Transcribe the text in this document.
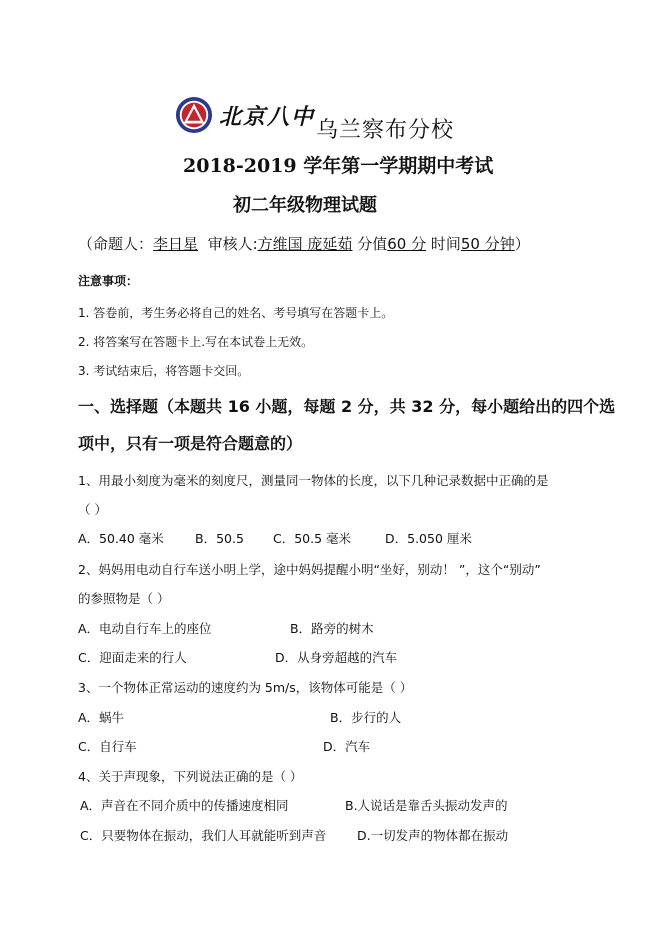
北京八中
乌兰察布分校
2018-2019 学年第一学期期中考试
初二年级物理试题
（命题人：李日星 审核人:方维国 庞延茹 分值60 分 时间50 分钟）
注意事项：
1. 答卷前，考生务必将自己的姓名、考号填写在答题卡上。
2. 将答案写在答题卡上.写在本试卷上无效。
3. 考试结束后，将答题卡交回。
一、选择题（本题共 16 小题，每题 2 分，共 32 分，每小题给出的四个选
项中，只有一项是符合题意的）
1、用最小刻度为毫米的刻度尺，测量同一物体的长度，以下几种记录数据中正确的是
（ ）
A．50.40 毫米 B．50.5 C．50.5 毫米	D．5.050 厘米
2、妈妈用电动自行车送小明上学，途中妈妈提醒小明“坐好，别动！ ”，这个“别动”
的参照物是（ ）
A．电动自行车上的座位	B．路旁的树木
C．迎面走来的行人	D．从身旁超越的汽车
3、一个物体正常运动的速度约为 5m/s，该物体可能是（ ）
A．蜗牛	B．步行的人
C．自行车	D．汽车
4、关于声现象，下列说法正确的是（ ）
A．声音在不同介质中的传播速度相同	B.人说话是靠舌头振动发声的
C．只要物体在振动，我们人耳就能听到声音 D.一切发声的物体都在振动
